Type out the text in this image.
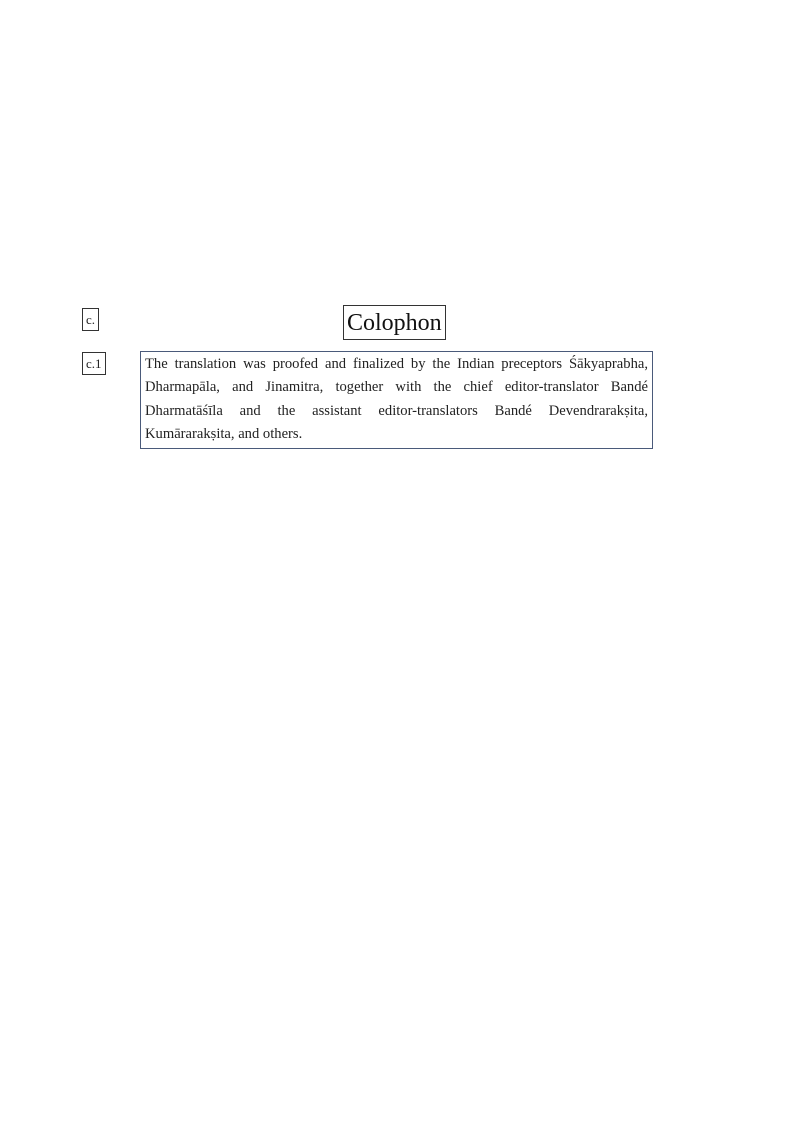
c.	Colophon
c.1	The translation was proofed and finalized by the Indian preceptors Śākyaprabha, Dharmapāla, and Jinamitra, together with the chief editor-translator Bandé Dharmatāśīla and the assistant editor-translators Bandé Devendrarakṣita, Kumārarakṣita, and others.
